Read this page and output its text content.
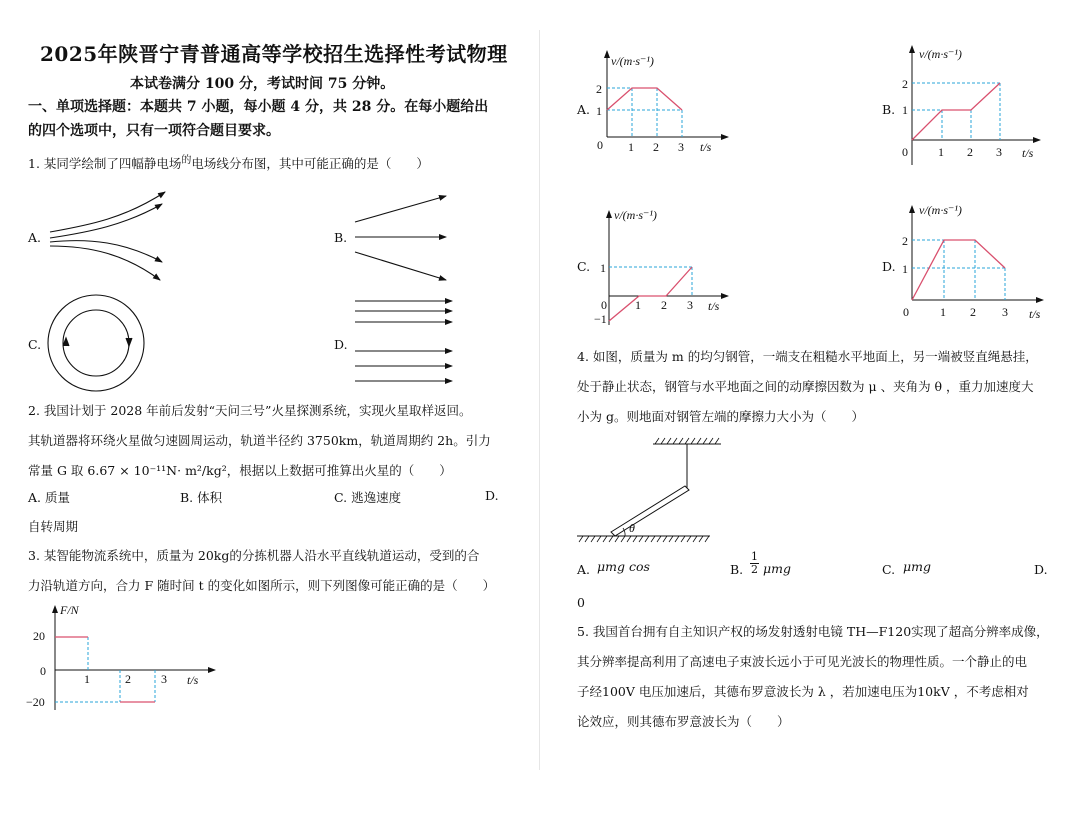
2025年陕晋宁青普通高等学校招生选择性考试物理
本试卷满分 100 分，考试时间 75 分钟。
一、单项选择题：本题共 7 小题，每小题 4 分，共 28 分。在每小题给出
的四个选项中，只有一项符合题目要求。
1. 某同学绘制了四幅静电场$^的$电场线分布图，其中可能正确的是（　　）
A.	B.
C.	D.
2. 我国计划于 2028 年前后发射“天问三号”火星探测系统，实现火星取样返回。
其轨道器将环绕火星做匀速圆周运动，轨道半径约 3750km，轨道周期约 2h。引力
常量 G 取 6.67 × 10⁻¹¹N· m²/kg²，根据以上数据可推算出火星的（　　）
A. 质量	B. 体积	C. 逃逸速度	D.
自转周期
3. 某智能物流系统中，质量为 20kg的分拣机器人沿水平直线轨道运动，受到的合
力沿轨道方向，合力 F 随时间 t 的变化如图所示，则下列图像可能正确的是（　　）
F/N
t/s
20
0
−20
1	2	3
A.
v/(m·s⁻¹)
t/s
2
1
0 1 2 3
B.
v/(m·s⁻¹)
t/s
2
1
0	1 2 3
C.
v/(m·s⁻¹)
t/s
1
−1
0 1 2 3
D.
v/(m·s⁻¹)
t/s
2
1
0	1 2 3
4. 如图，质量为 m 的均匀钢管，一端支在粗糙水平地面上，另一端被竖直绳悬挂，
处于静止状态，钢管与水平地面之间的动摩擦因数为 μ 、夹角为 θ ，重力加速度大
小为 g。则地面对钢管左端的摩擦力大小为（　　）
θ
A. μmg cos	B. $\frac{1}{2}$ μmg	C. μmg	D.
0
5. 我国首台拥有自主知识产权的场发射透射电镜 TH—F120实现了超高分辨率成像，
其分辨率提高利用了高速电子束波长远小于可见光波长的物理性质。一个静止的电
子经100V 电压加速后，其德布罗意波长为 λ ，若加速电压为10kV ，不考虑相对
论效应，则其德布罗意波长为（　　）
